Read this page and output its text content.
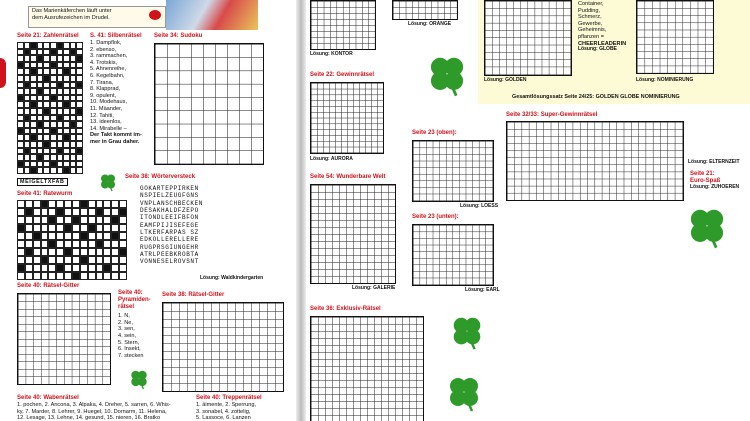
Das Marienkäferchen läuft unter
dem Ausrufezeichen im Drudel.
Seite 21: Zahlenrätsel
MEIGELTXFAB
S. 41: Silbenrätsel
1. Dampflok,
2. ebenso,
3. rammachen,
4. Trotskis,
5. Ahnenreihe,
6. Kegelbahn,
7. Tirana,
8. Klapprad,
9. opulent,
10. Modehaus,
11. Mäander,
12. Tahiti,
13. ideenlos,
14. Mirabelle –
Der Takt kommt im-
mer in Grau daher.
Seite 34: Sudoku
Seite 38: Wörterversteck
GOKARTEPPIRKEN
NSPIELZEUGFGNS
VNPLANSCHBECKEN
DESAKHALDFZEPO
ITONDLEEIFBFON
EAMFPIJISEFEGE
LTKERFARPAS SZ
EDKOLLERELLERE
RUGPRSGIUNGEHR
ATRLPEEBKROBTA
VONNESELROVSNT
Lösung: Waldkindergarten
Seite 41: Ratewurm
Seite 40: Rätsel-Gitter
Seite 40:
Pyramiden-
rätsel
1. N,
2. Ne,
3. sen,
4. sein,
5. Stern,
6. Insekt,
7. stecken
Seite 38: Rätsel-Gitter
Seite 40: Wabenrätsel
1. pochen, 2. Ancona, 3. Alpaka, 4. Dreher, 5. sarren, 6. Whis-
ky, 7. Marder, 8. Lehrer, 9. Huegel, 10. Dornarm, 11. Helena,
12. Lesage, 13. Lehne, 14. gesund, 15. nieren, 16. Bratko
Seite 40: Treppenrätsel
1. äimente, 2. Sperrung,
3. sonabel, 4. zottelig,
5. Lassoce, 6. Lanzen
Lösung: KONTOR
Lösung: ORANGE
Seite 22: Gewinnrätsel
Lösung: AURORA
Seite 54: Wunderbare Welt
Lösung: GALERIE
Seite 36: Exklusiv-Rätsel
Seite 23 (oben):
Lösung: LOESS
Seite 23 (unten):
Lösung: EARL
Lösung: GOLDEN
Container,
Pudding,
Schmerz,
Gewerbe,
Geheimnis,
pflanzen =
CHEERLEADERIN
Lösung: GLOBE
Lösung: NOMINIERUNG
Gesamtlösungssatz Seite 24/25: GOLDEN GLOBE NOMINIERUNG
Seite 32/33: Super-Gewinnrätsel
Lösung: ELTERNZEIT
Seite 21:
Euro-Spaß
Lösung: ZUHOEREN
